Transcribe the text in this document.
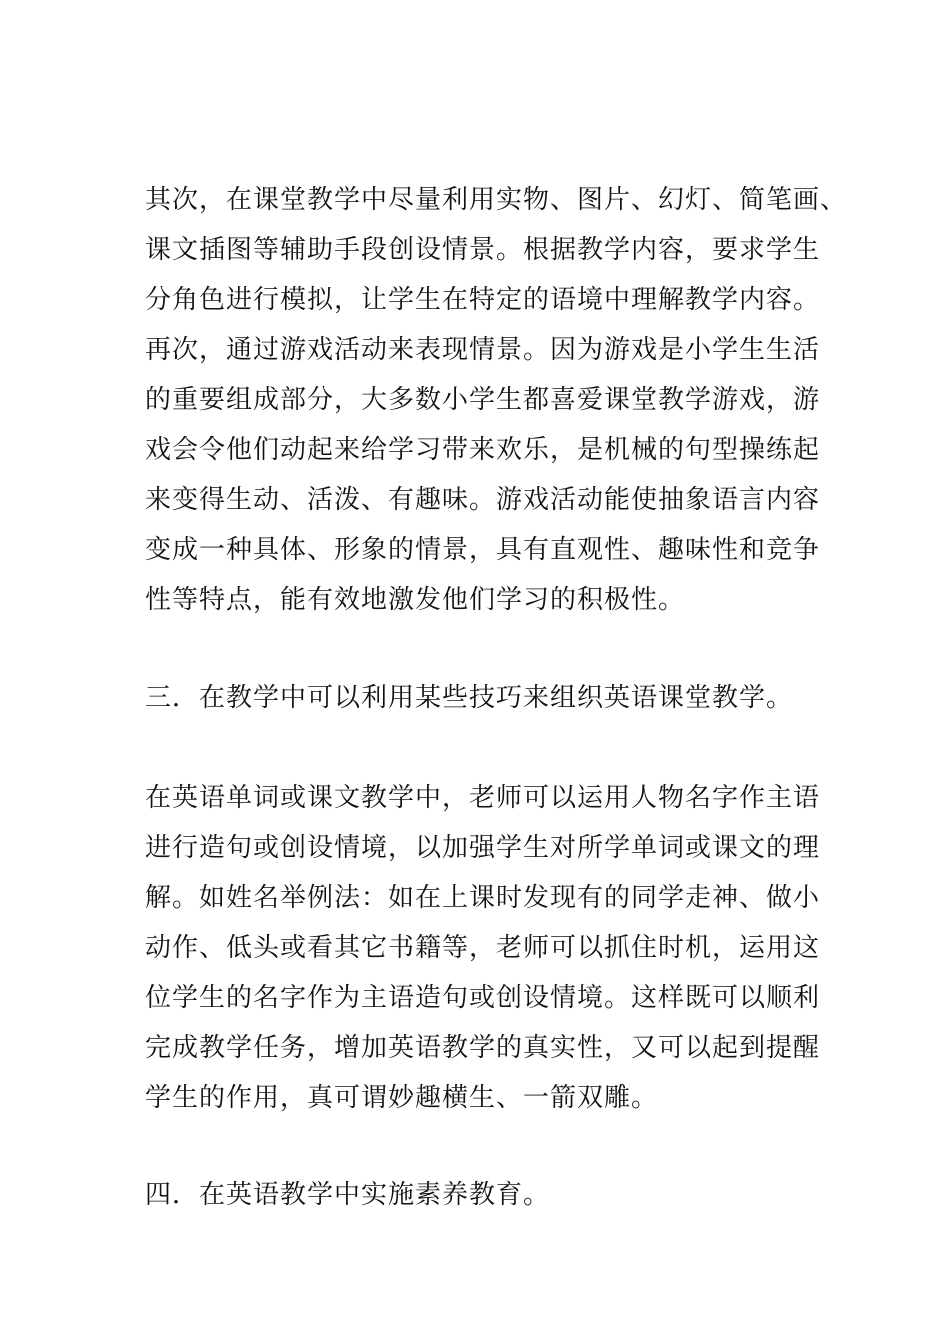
其次，在课堂教学中尽量利用实物、图片、幻灯、简笔画、
课文插图等辅助手段创设情景。根据教学内容，要求学生
分角色进行模拟，让学生在特定的语境中理解教学内容。
再次，通过游戏活动来表现情景。因为游戏是小学生生活
的重要组成部分，大多数小学生都喜爱课堂教学游戏，游
戏会令他们动起来给学习带来欢乐，是机械的句型操练起
来变得生动、活泼、有趣味。游戏活动能使抽象语言内容
变成一种具体、形象的情景，具有直观性、趣味性和竞争
性等特点，能有效地激发他们学习的积极性。
三．在教学中可以利用某些技巧来组织英语课堂教学。
在英语单词或课文教学中，老师可以运用人物名字作主语
进行造句或创设情境，以加强学生对所学单词或课文的理
解。如姓名举例法：如在上课时发现有的同学走神、做小
动作、低头或看其它书籍等，老师可以抓住时机，运用这
位学生的名字作为主语造句或创设情境。这样既可以顺利
完成教学任务，增加英语教学的真实性，又可以起到提醒
学生的作用，真可谓妙趣横生、一箭双雕。
四．在英语教学中实施素养教育。
